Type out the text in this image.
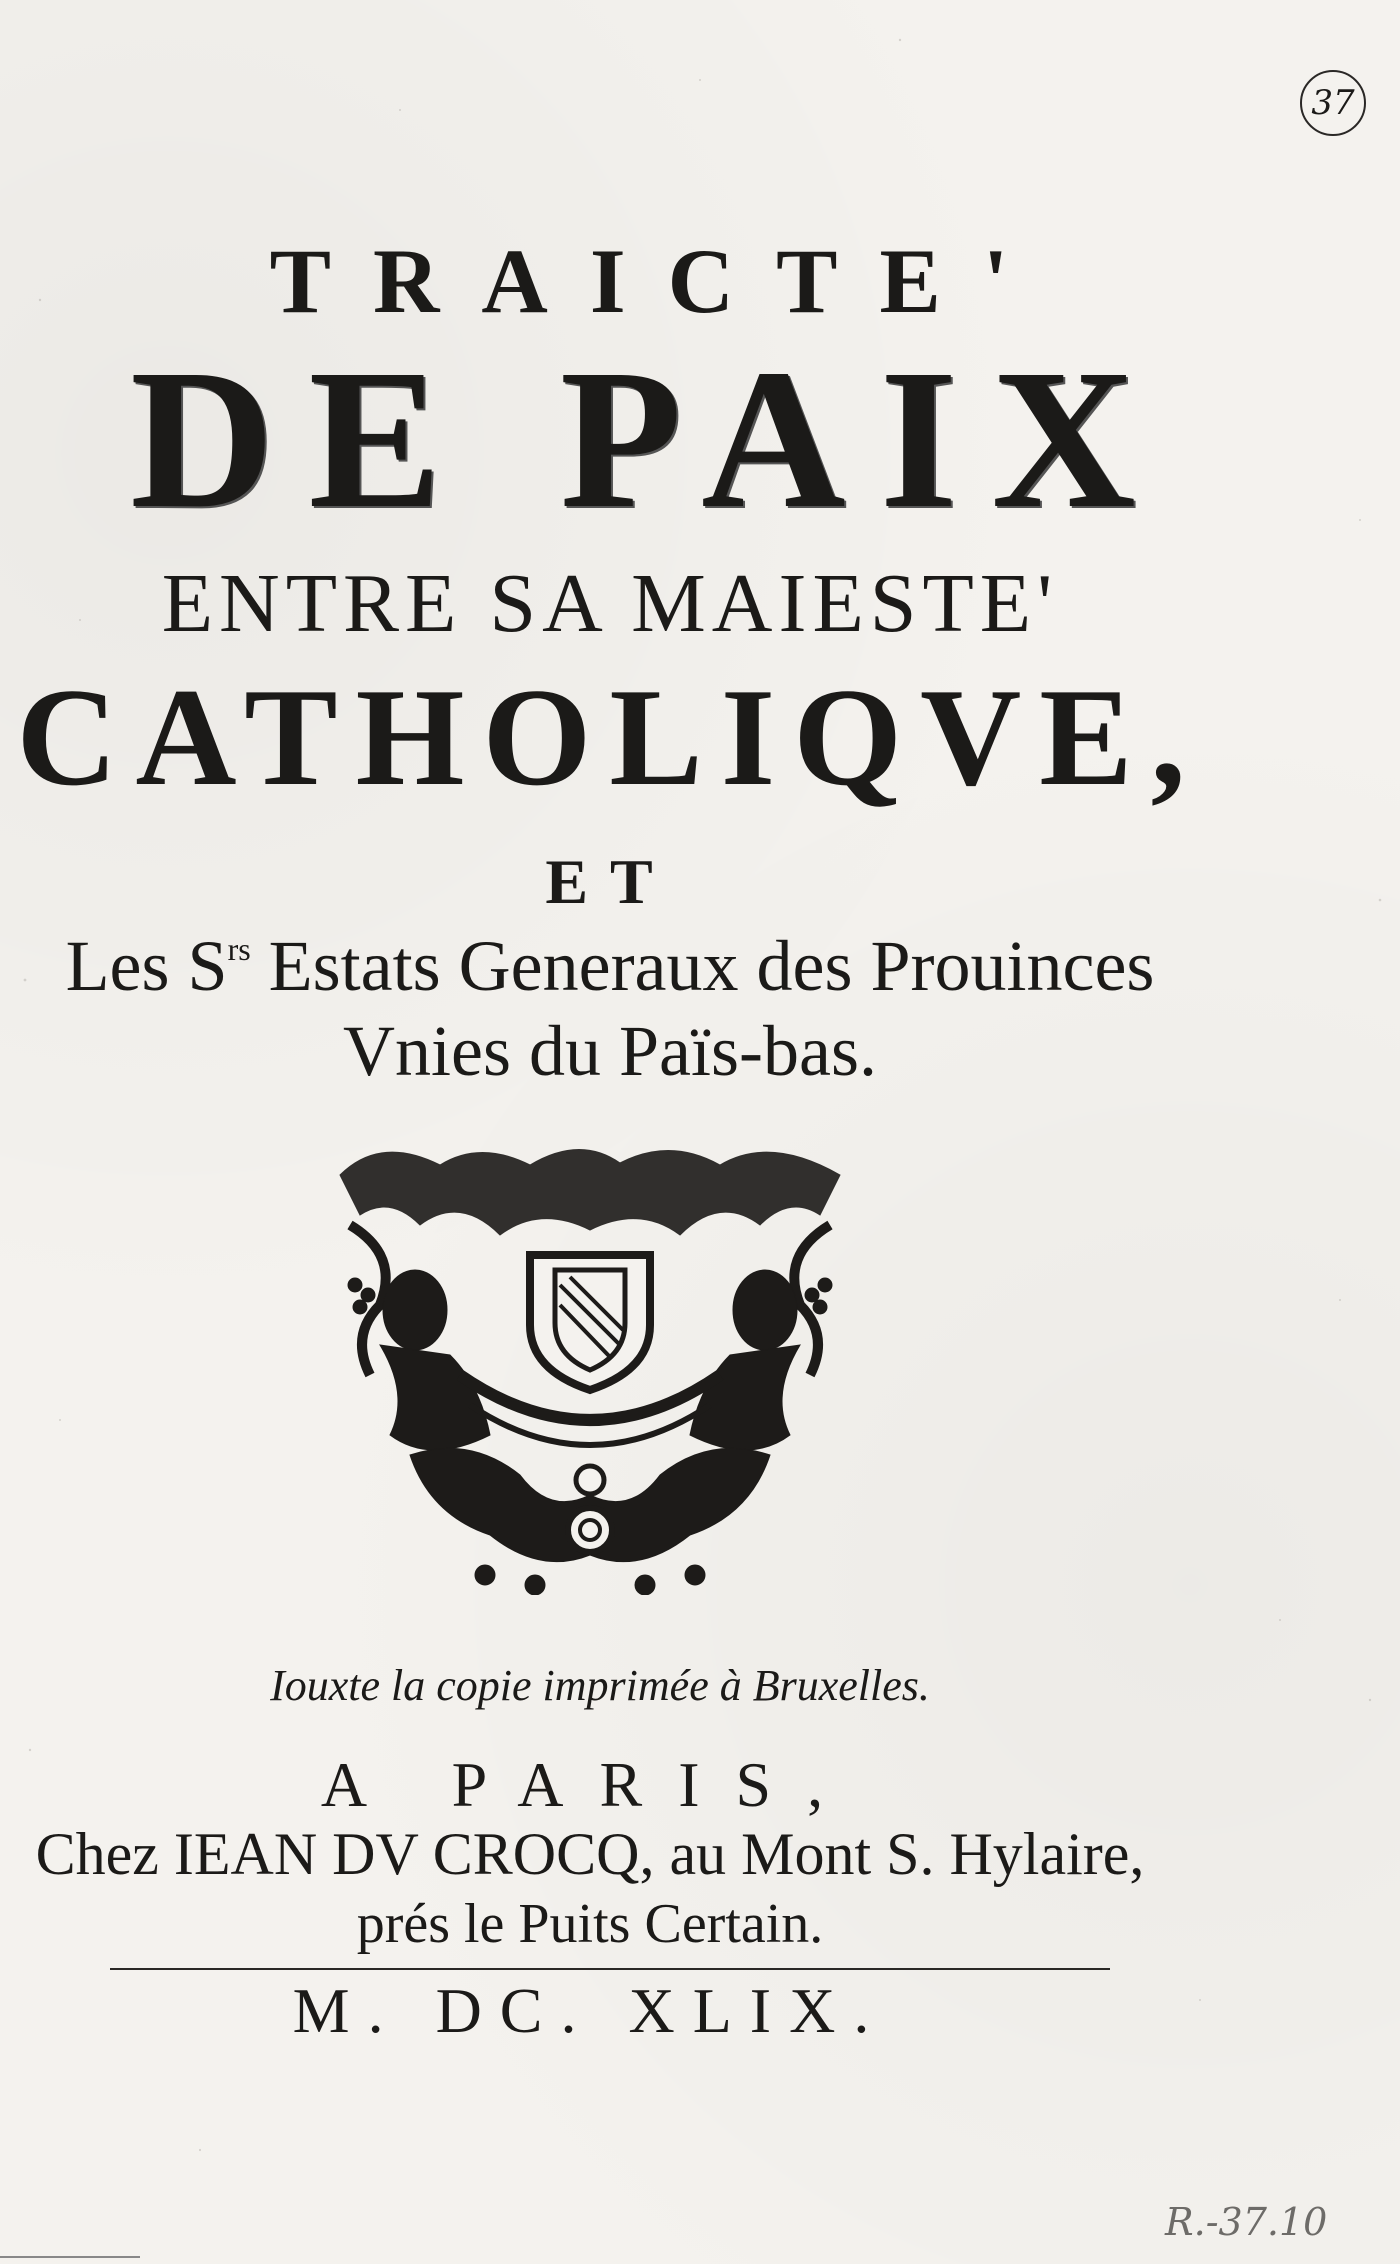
37
TRAICTE'
DE PAIX
ENTRE SA MAIESTE'
CATHOLIQVE,
ET
Les $S^{rs}$ Estats Generaux des Prouinces
Vnies du Païs-bas.
Iouxte la copie imprimée à Bruxelles.
A PARIS,
Chez IEAN DV CROCQ, au Mont S. Hylaire,
prés le Puits Certain.
M. DC. XLIX.
R.-37.10
